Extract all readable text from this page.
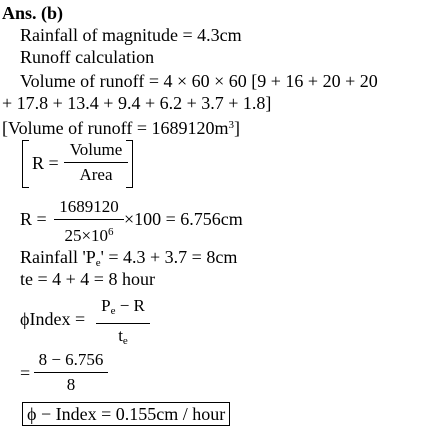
Ans. (b)
Rainfall of magnitude = 4.3cm
Runoff calculation
Volume of runoff = 4 × 60 × 60 [9 + 16 + 20 + 20
+ 17.8 + 13.4 + 9.4 + 6.2 + 3.7 + 1.8]
[Volume of runoff = $1689120m^3$]
R =
Volume
Area
R =
1689120
$25\times 10^6$
×100 = 6.756cm
Rainfall '$P_e' = 4.3 + 3.7 = 8cm$
te = 4 + 4 = 8 hour
ϕIndex =
$P_e - R$
$t_e$
=
8 − 6.756
8
ϕ − Index = 0.155cm / hour
